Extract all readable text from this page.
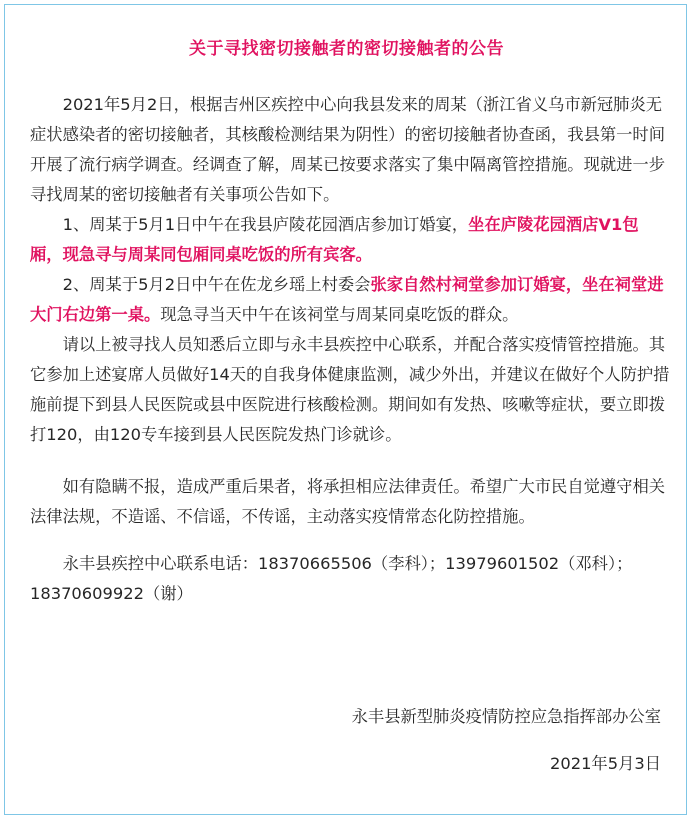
关于寻找密切接触者的密切接触者的公告

2021年5月2日，根据吉州区疾控中心向我县发来的周某（浙江省义乌市新冠肺炎无症状感染者的密切接触者，其核酸检测结果为阴性）的密切接触者协查函，我县第一时间开展了流行病学调查。经调查了解，周某已按要求落实了集中隔离管控措施。现就进一步寻找周某的密切接触者有关事项公告如下。

1、周某于5月1日中午在我县庐陵花园酒店参加订婚宴，坐在庐陵花园酒店V1包厢，现急寻与周某同包厢同桌吃饭的所有宾客。

2、周某于5月2日中午在佐龙乡瑶上村委会张家自然村祠堂参加订婚宴，坐在祠堂进大门右边第一桌。现急寻当天中午在该祠堂与周某同桌吃饭的群众。

请以上被寻找人员知悉后立即与永丰县疾控中心联系，并配合落实疫情管控措施。其它参加上述宴席人员做好14天的自我身体健康监测，减少外出，并建议在做好个人防护措施前提下到县人民医院或县中医院进行核酸检测。期间如有发热、咳嗽等症状，要立即拨打120，由120专车接到县人民医院发热门诊就诊。

如有隐瞒不报，造成严重后果者，将承担相应法律责任。希望广大市民自觉遵守相关法律法规，不造谣、不信谣，不传谣，主动落实疫情常态化防控措施。

永丰县疾控中心联系电话：18370665506（李科）；13979601502（邓科）；18370609922（谢）

永丰县新型肺炎疫情防控应急指挥部办公室
2021年5月3日
